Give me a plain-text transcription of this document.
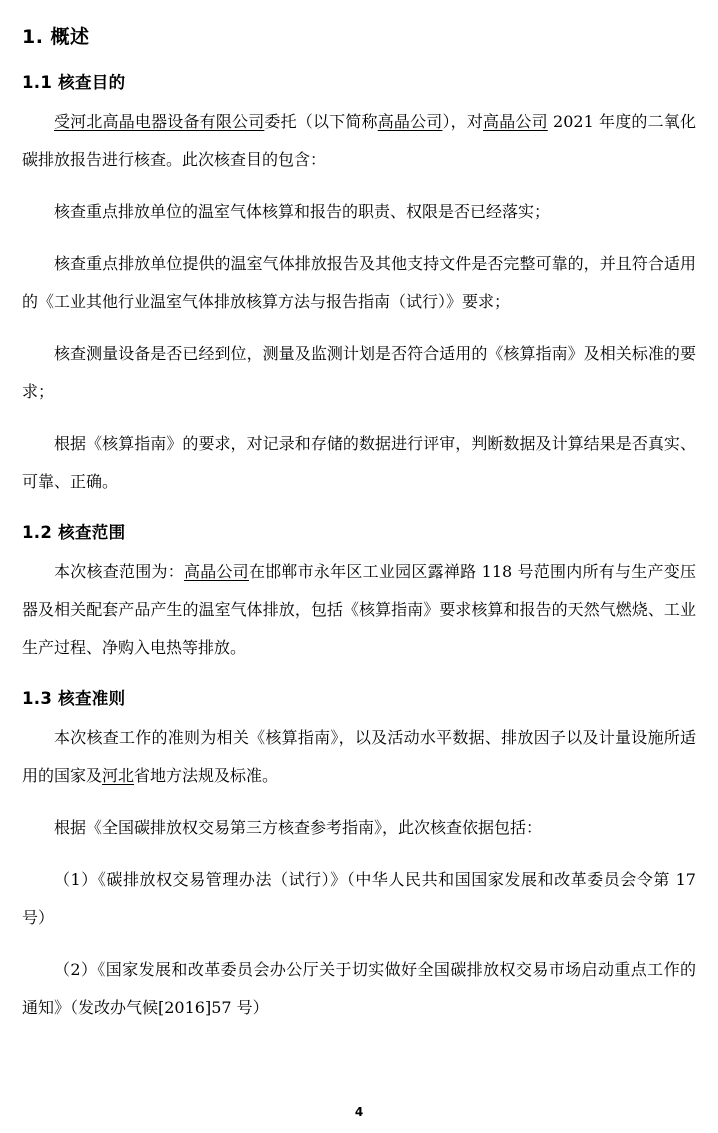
1. 概述
1.1 核查目的

受河北高晶电器设备有限公司委托（以下简称高晶公司），对高晶公司 2021 年度的二氧化碳排放报告进行核查。此次核查目的包含：

核查重点排放单位的温室气体核算和报告的职责、权限是否已经落实；

核查重点排放单位提供的温室气体排放报告及其他支持文件是否完整可靠的，并且符合适用的《工业其他行业温室气体排放核算方法与报告指南（试行）》要求；

核查测量设备是否已经到位，测量及监测计划是否符合适用的《核算指南》及相关标准的要求；

根据《核算指南》的要求，对记录和存储的数据进行评审，判断数据及计算结果是否真实、可靠、正确。

1.2 核查范围

本次核查范围为：高晶公司在邯郸市永年区工业园区露禅路 118 号范围内所有与生产变压器及相关配套产品产生的温室气体排放，包括《核算指南》要求核算和报告的天然气燃烧、工业生产过程、净购入电热等排放。

1.3 核查准则

本次核查工作的准则为相关《核算指南》，以及活动水平数据、排放因子以及计量设施所适用的国家及河北省地方法规及标准。

根据《全国碳排放权交易第三方核查参考指南》，此次核查依据包括：

（1）《碳排放权交易管理办法（试行）》（中华人民共和国国家发展和改革委员会令第 17 号）

（2）《国家发展和改革委员会办公厅关于切实做好全国碳排放权交易市场启动重点工作的通知》（发改办气候[2016]57 号）

4
